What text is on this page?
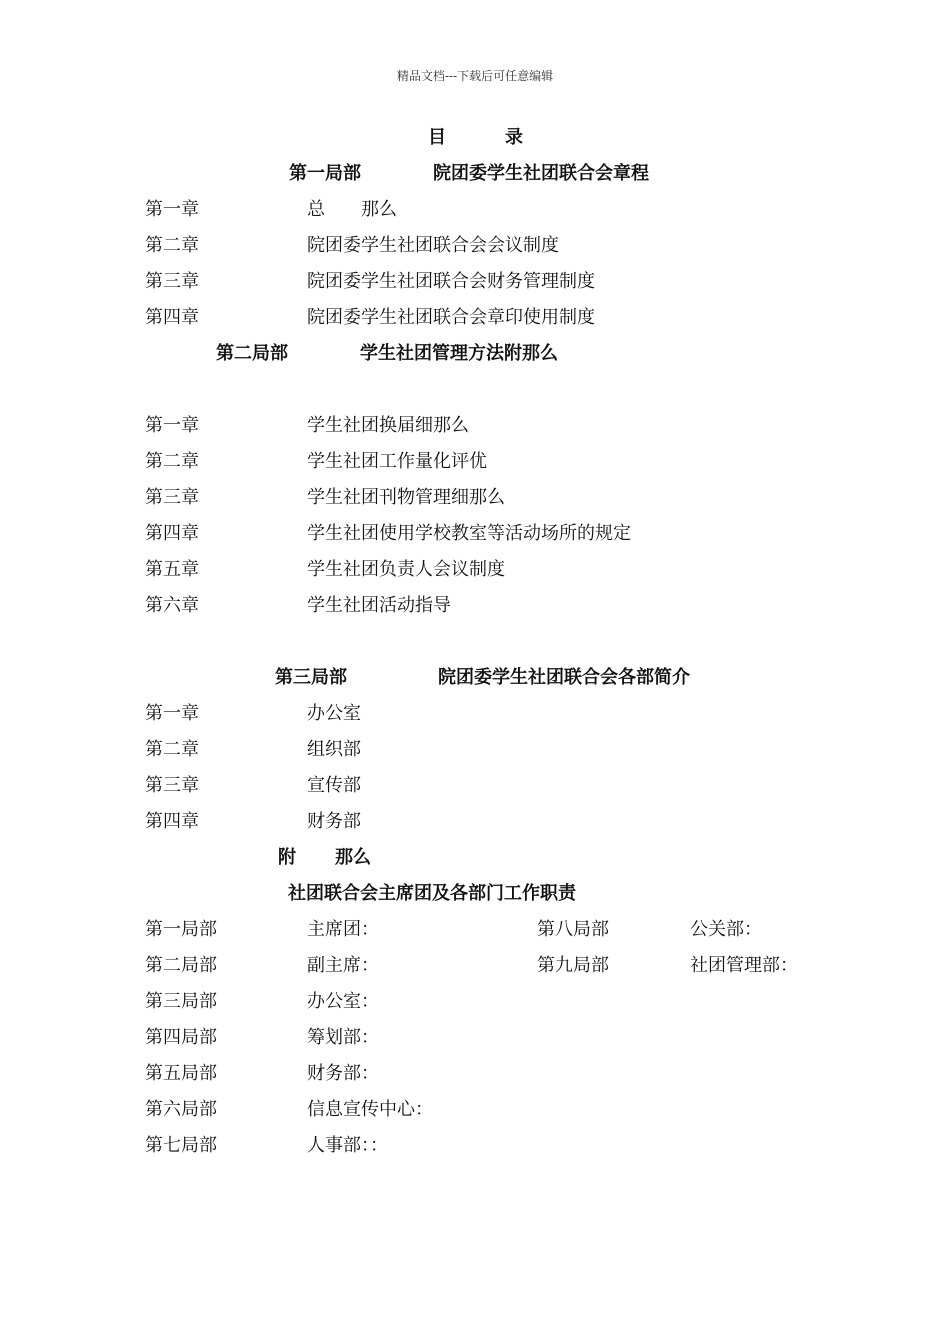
精品文档---下载后可任意编辑
目	录
第一局部	院团委学生社团联合会章程
第一章	总　　那么
第二章	院团委学生社团联合会会议制度
第三章	院团委学生社团联合会财务管理制度
第四章	院团委学生社团联合会章印使用制度
第二局部	学生社团管理方法附那么
第一章	学生社团换届细那么
第二章	学生社团工作量化评优
第三章	学生社团刊物管理细那么
第四章	学生社团使用学校教室等活动场所的规定
第五章	学生社团负责人会议制度
第六章	学生社团活动指导
第三局部	院团委学生社团联合会各部简介
第一章	办公室
第二章	组织部
第三章	宣传部
第四章	财务部
附 那么
社团联合会主席团及各部门工作职责
第一局部	主席团：	第八局部	公关部：
第二局部	副主席：	第九局部	社团管理部：
第三局部	办公室：
第四局部	筹划部：
第五局部	财务部：
第六局部	信息宣传中心：
第七局部	人事部：：
